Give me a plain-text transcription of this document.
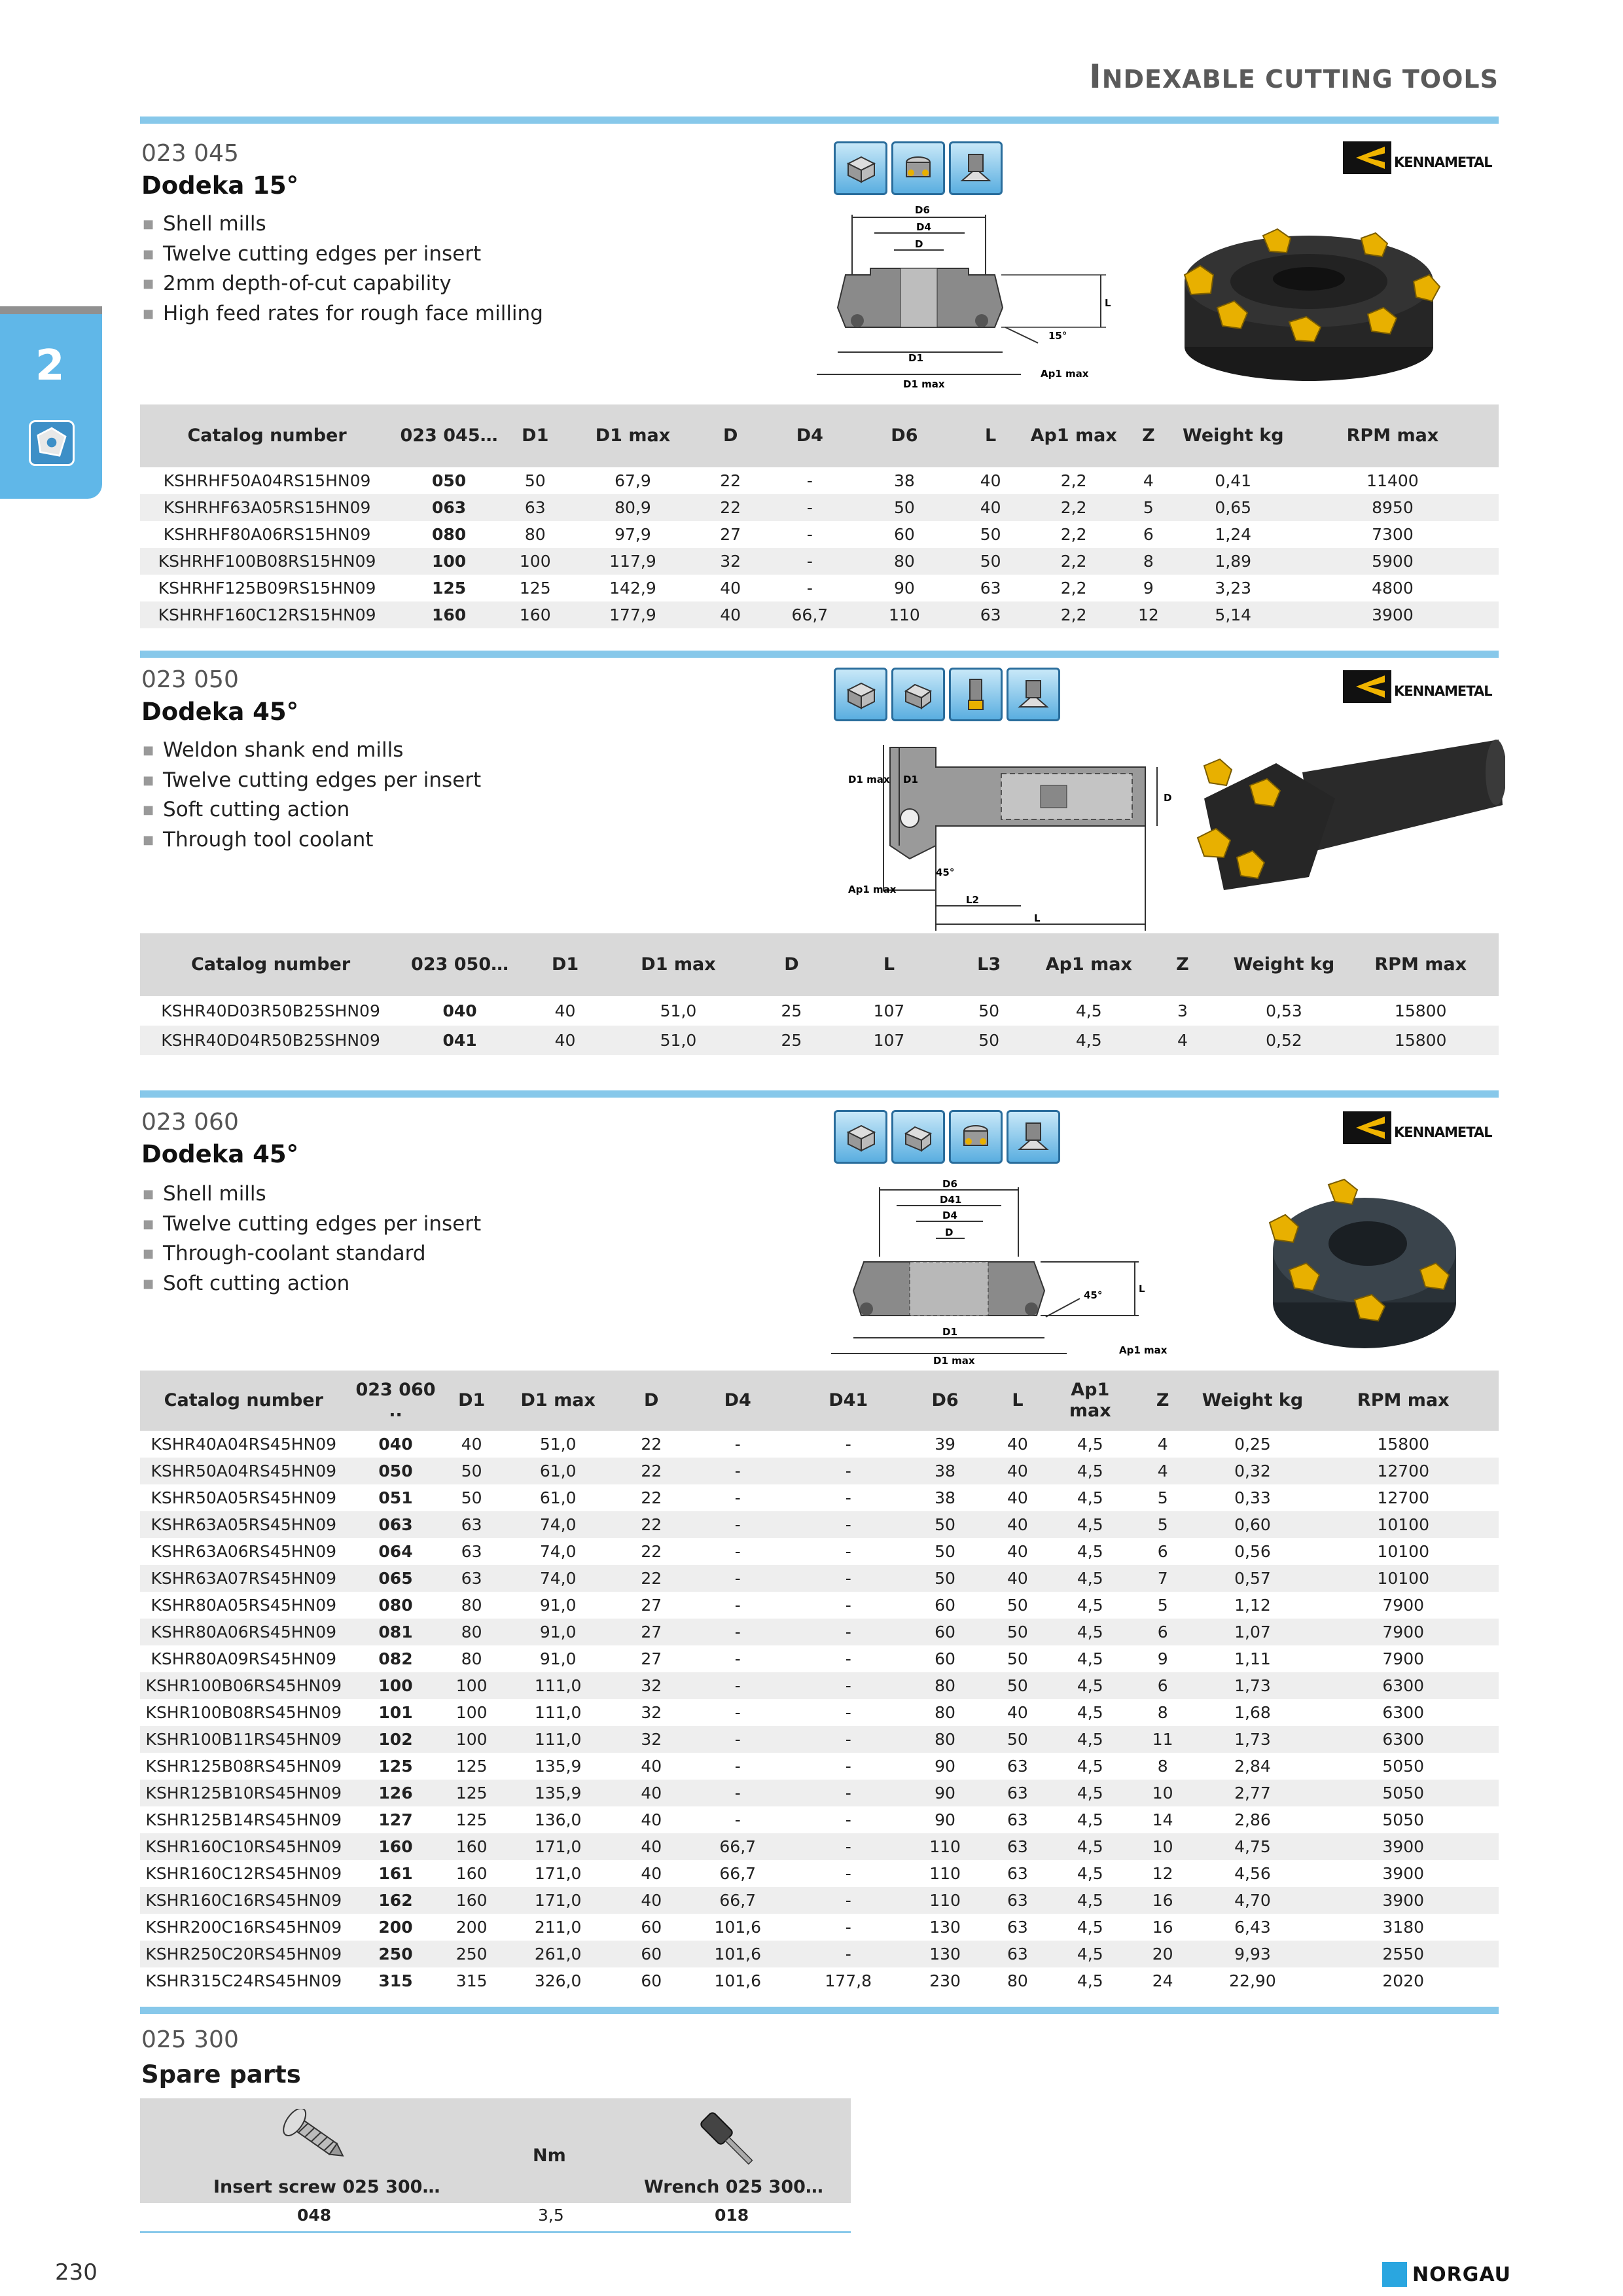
INDEXABLE CUTTING TOOLS
2
023 045
Dodeka 15°
■ Shell mills
■ Twelve cutting edges per insert
■ 2mm depth-of-cut capability
■ High feed rates for rough face milling
KENNAMETAL
D6
D4
D
L
15°
D1
Ap1 max
D1 max
Catalog number	023 045…	D1	D1 max	D	D4	D6	L	Ap1 max	Z	Weight kg	RPM max
KSHRHF50A04RS15HN09	050	50	67,9	22	-	38	40	2,2	4	0,41	11400
KSHRHF63A05RS15HN09	063	63	80,9	22	-	50	40	2,2	5	0,65	8950
KSHRHF80A06RS15HN09	080	80	97,9	27	-	60	50	2,2	6	1,24	7300
KSHRHF100B08RS15HN09	100	100	117,9	32	-	80	50	2,2	8	1,89	5900
KSHRHF125B09RS15HN09	125	125	142,9	40	-	90	63	2,2	9	3,23	4800
KSHRHF160C12RS15HN09	160	160	177,9	40	66,7	110	63	2,2	12	5,14	3900
023 050
Dodeka 45°
■ Weldon shank end mills
■ Twelve cutting edges per insert
■ Soft cutting action
■ Through tool coolant
KENNAMETAL
D1 max D1
D
45°
Ap1 max
L2
L
Catalog number	023 050…	D1	D1 max	D	L	L3	Ap1 max	Z	Weight kg	RPM max
KSHR40D03R50B25SHN09	040	40	51,0	25	107	50	4,5	3	0,53	15800
KSHR40D04R50B25SHN09	041	40	51,0	25	107	50	4,5	4	0,52	15800
023 060
Dodeka 45°
■ Shell mills
■ Twelve cutting edges per insert
■ Through-coolant standard
■ Soft cutting action
KENNAMETAL
D6
D41
D4
D
L
45°
D1
D1 max
Ap1 max
Catalog number	023 060 ..	D1	D1 max	D	D4	D41	D6	L	Ap1 max	Z	Weight kg	RPM max
KSHR40A04RS45HN09	040	40	51,0	22	-	-	39	40	4,5	4	0,25	15800
KSHR50A04RS45HN09	050	50	61,0	22	-	-	38	40	4,5	4	0,32	12700
KSHR50A05RS45HN09	051	50	61,0	22	-	-	38	40	4,5	5	0,33	12700
KSHR63A05RS45HN09	063	63	74,0	22	-	-	50	40	4,5	5	0,60	10100
KSHR63A06RS45HN09	064	63	74,0	22	-	-	50	40	4,5	6	0,56	10100
KSHR63A07RS45HN09	065	63	74,0	22	-	-	50	40	4,5	7	0,57	10100
KSHR80A05RS45HN09	080	80	91,0	27	-	-	60	50	4,5	5	1,12	7900
KSHR80A06RS45HN09	081	80	91,0	27	-	-	60	50	4,5	6	1,07	7900
KSHR80A09RS45HN09	082	80	91,0	27	-	-	60	50	4,5	9	1,11	7900
KSHR100B06RS45HN09	100	100	111,0	32	-	-	80	50	4,5	6	1,73	6300
KSHR100B08RS45HN09	101	100	111,0	32	-	-	80	40	4,5	8	1,68	6300
KSHR100B11RS45HN09	102	100	111,0	32	-	-	80	50	4,5	11	1,73	6300
KSHR125B08RS45HN09	125	125	135,9	40	-	-	90	63	4,5	8	2,84	5050
KSHR125B10RS45HN09	126	125	135,9	40	-	-	90	63	4,5	10	2,77	5050
KSHR125B14RS45HN09	127	125	136,0	40	-	-	90	63	4,5	14	2,86	5050
KSHR160C10RS45HN09	160	160	171,0	40	66,7	-	110	63	4,5	10	4,75	3900
KSHR160C12RS45HN09	161	160	171,0	40	66,7	-	110	63	4,5	12	4,56	3900
KSHR160C16RS45HN09	162	160	171,0	40	66,7	-	110	63	4,5	16	4,70	3900
KSHR200C16RS45HN09	200	200	211,0	60	101,6	-	130	63	4,5	16	6,43	3180
KSHR250C20RS45HN09	250	250	261,0	60	101,6	-	130	63	4,5	20	9,93	2550
KSHR315C24RS45HN09	315	315	326,0	60	101,6	177,8	230	80	4,5	24	22,90	2020
025 300
Spare parts
Insert screw 025 300…
Nm
Wrench 025 300…
048	3,5	018
230	NORGAU
